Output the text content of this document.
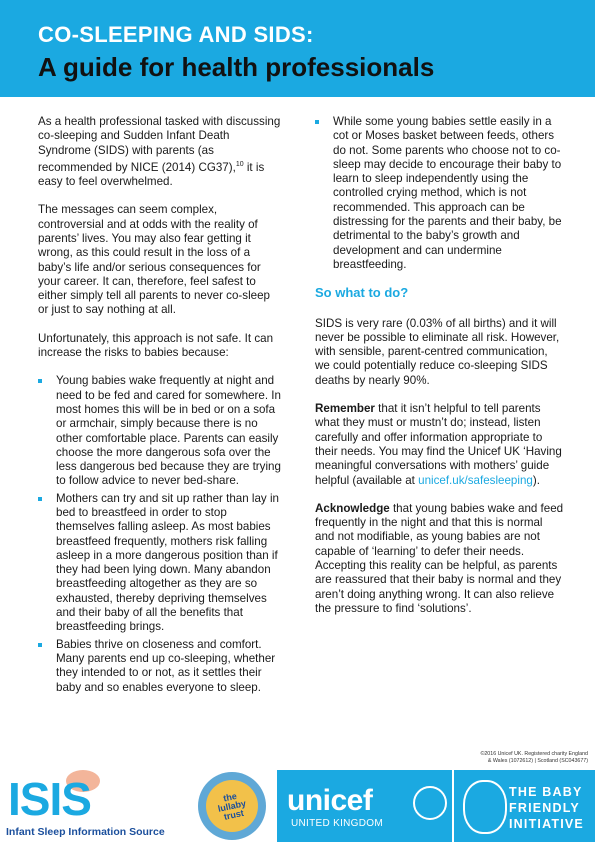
CO-SLEEPING AND SIDS:
A guide for health professionals

As a health professional tasked with discussing co-sleeping and Sudden Infant Death Syndrome (SIDS) with parents (as recommended by NICE (2014) CG37),$^{10}$ it is easy to feel overwhelmed.

The messages can seem complex, controversial and at odds with the reality of parents’ lives. You may also fear getting it wrong, as this could result in the loss of a baby’s life and/or serious consequences for your career. It can, therefore, feel safest to either simply tell all parents to never co-sleep or just to say nothing at all.

Unfortunately, this approach is not safe. It can increase the risks to babies because:

Young babies wake frequently at night and need to be fed and cared for somewhere. In most homes this will be in bed or on a sofa or armchair, simply because there is no other comfortable place. Parents can easily choose the more dangerous sofa over the less dangerous bed because they are trying to follow advice to never bed-share.
Mothers can try and sit up rather than lay in bed to breastfeed in order to stop themselves falling asleep. As most babies breastfeed frequently, mothers risk falling asleep in a more dangerous position than if they had been lying down. Many abandon breastfeeding altogether as they are so exhausted, thereby depriving themselves and their baby of all the benefits that breastfeeding brings.
Babies thrive on closeness and comfort. Many parents end up co-sleeping, whether they intended to or not, as it settles their baby and so enables everyone to sleep.
While some young babies settle easily in a cot or Moses basket between feeds, others do not. Some parents who choose not to co-sleep may decide to encourage their baby to learn to sleep independently using the controlled crying method, which is not recommended. This approach can be distressing for the parents and their baby, be detrimental to the baby’s growth and development and can undermine breastfeeding.

So what to do?

SIDS is very rare (0.03% of all births) and it will never be possible to eliminate all risk. However, with sensible, parent-centred communication, we could potentially reduce co-sleeping SIDS deaths by nearly 90%.

Remember that it isn’t helpful to tell parents what they must or mustn’t do; instead, listen carefully and offer information appropriate to their needs. You may find the Unicef UK ‘Having meaningful conversations with mothers’ guide helpful (available at unicef.uk/safesleeping).

Acknowledge that young babies wake and feed frequently in the night and that this is normal and not modifiable, as young babies are not capable of ‘learning’ to defer their needs. Accepting this reality can be helpful, as parents are reassured that their baby is normal and they aren’t doing anything wrong. It can also relieve the pressure to find ‘solutions’.

©2016 Unicef UK. Registered charity England
& Wales (1072612) | Scotland (SC043677)
ISIS
Infant Sleep Information Source
the lullaby trust	unicef
UNITED KINGDOM
THE BABY
FRIENDLY
INITIATIVE
